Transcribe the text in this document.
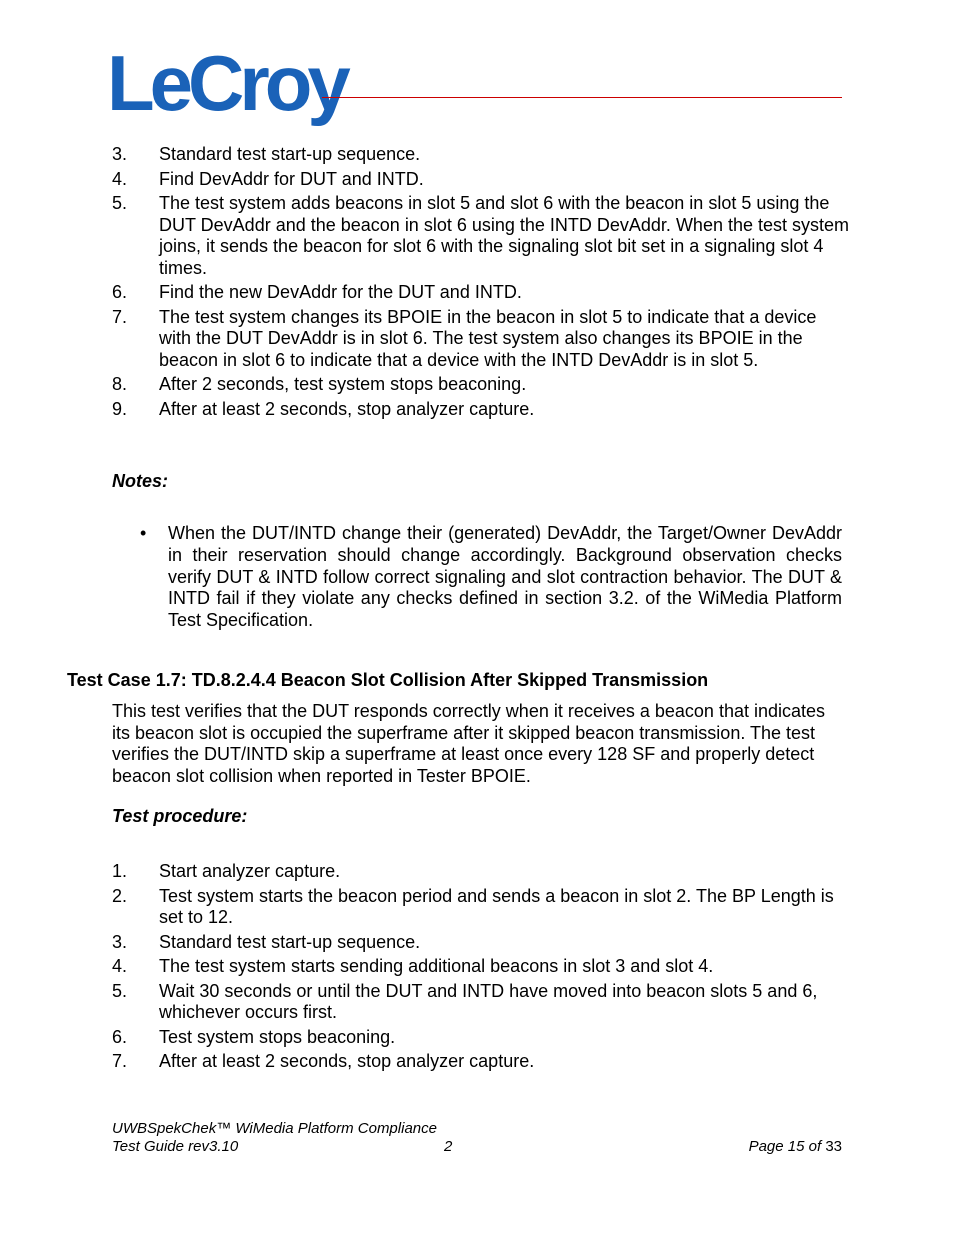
LeCroy
3. Standard test start-up sequence.
4. Find DevAddr for DUT and INTD.
5. The test system adds beacons in slot 5 and slot 6 with the beacon in slot 5 using the DUT DevAddr and the beacon in slot 6 using the INTD DevAddr. When the test system joins, it sends the beacon for slot 6 with the signaling slot bit set in a signaling slot 4 times.
6. Find the new DevAddr for the DUT and INTD.
7. The test system changes its BPOIE in the beacon in slot 5 to indicate that a device with the DUT DevAddr is in slot 6. The test system also changes its BPOIE in the beacon in slot 6 to indicate that a device with the INTD DevAddr is in slot 5.
8. After 2 seconds, test system stops beaconing.
9. After at least 2 seconds, stop analyzer capture.
Notes:
• When the DUT/INTD change their (generated) DevAddr, the Target/Owner DevAddr in their reservation should change accordingly. Background observation checks verify DUT & INTD follow correct signaling and slot contraction behavior. The DUT & INTD fail if they violate any checks defined in section 3.2. of the WiMedia Platform Test Specification.
Test Case 1.7: TD.8.2.4.4 Beacon Slot Collision After Skipped Transmission
This test verifies that the DUT responds correctly when it receives a beacon that indicates its beacon slot is occupied the superframe after it skipped beacon transmission. The test verifies the DUT/INTD skip a superframe at least once every 128 SF and properly detect beacon slot collision when reported in Tester BPOIE.
Test procedure:
1. Start analyzer capture.
2. Test system starts the beacon period and sends a beacon in slot 2. The BP Length is set to 12.
3. Standard test start-up sequence.
4. The test system starts sending additional beacons in slot 3 and slot 4.
5. Wait 30 seconds or until the DUT and INTD have moved into beacon slots 5 and 6, whichever occurs first.
6. Test system stops beaconing.
7. After at least 2 seconds, stop analyzer capture.
UWBSpekChek™ WiMedia Platform Compliance
Test Guide rev3.10	2	Page 15 of 33
